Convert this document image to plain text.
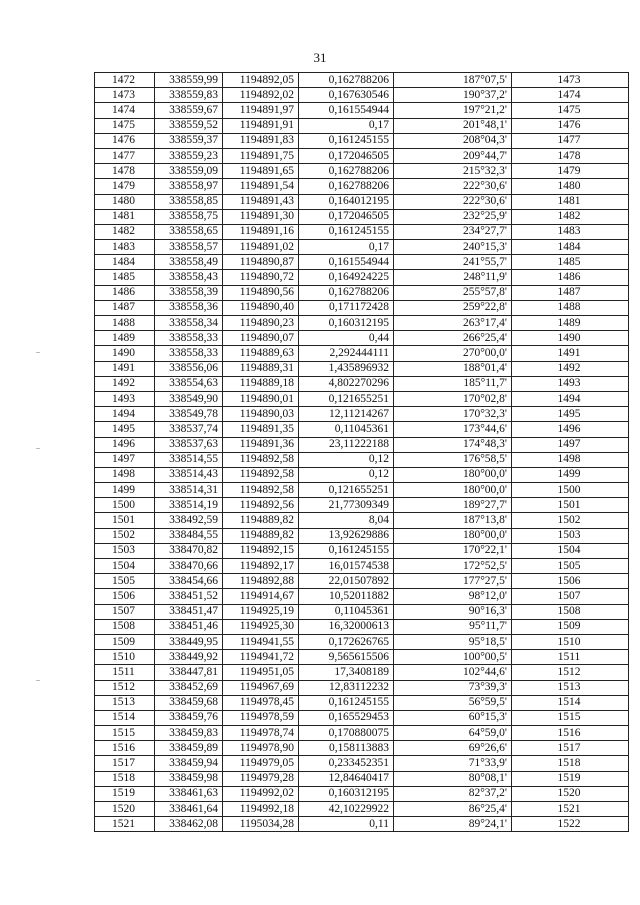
31
1472	338559,99	1194892,05	0,162788206	187°07,5'	1473
1473	338559,83	1194892,02	0,167630546	190°37,2'	1474
1474	338559,67	1194891,97	0,161554944	197°21,2'	1475
1475	338559,52	1194891,91	0,17	201°48,1'	1476
1476	338559,37	1194891,83	0,161245155	208°04,3'	1477
1477	338559,23	1194891,75	0,172046505	209°44,7'	1478
1478	338559,09	1194891,65	0,162788206	215°32,3'	1479
1479	338558,97	1194891,54	0,162788206	222°30,6'	1480
1480	338558,85	1194891,43	0,164012195	222°30,6'	1481
1481	338558,75	1194891,30	0,172046505	232°25,9'	1482
1482	338558,65	1194891,16	0,161245155	234°27,7'	1483
1483	338558,57	1194891,02	0,17	240°15,3'	1484
1484	338558,49	1194890,87	0,161554944	241°55,7'	1485
1485	338558,43	1194890,72	0,164924225	248°11,9'	1486
1486	338558,39	1194890,56	0,162788206	255°57,8'	1487
1487	338558,36	1194890,40	0,171172428	259°22,8'	1488
1488	338558,34	1194890,23	0,160312195	263°17,4'	1489
1489	338558,33	1194890,07	0,44	266°25,4'	1490
1490	338558,33	1194889,63	2,292444111	270°00,0'	1491
1491	338556,06	1194889,31	1,435896932	188°01,4'	1492
1492	338554,63	1194889,18	4,802270296	185°11,7'	1493
1493	338549,90	1194890,01	0,121655251	170°02,8'	1494
1494	338549,78	1194890,03	12,11214267	170°32,3'	1495
1495	338537,74	1194891,35	0,11045361	173°44,6'	1496
1496	338537,63	1194891,36	23,11222188	174°48,3'	1497
1497	338514,55	1194892,58	0,12	176°58,5'	1498
1498	338514,43	1194892,58	0,12	180°00,0'	1499
1499	338514,31	1194892,58	0,121655251	180°00,0'	1500
1500	338514,19	1194892,56	21,77309349	189°27,7'	1501
1501	338492,59	1194889,82	8,04	187°13,8'	1502
1502	338484,55	1194889,82	13,92629886	180°00,0'	1503
1503	338470,82	1194892,15	0,161245155	170°22,1'	1504
1504	338470,66	1194892,17	16,01574538	172°52,5'	1505
1505	338454,66	1194892,88	22,01507892	177°27,5'	1506
1506	338451,52	1194914,67	10,52011882	98°12,0'	1507
1507	338451,47	1194925,19	0,11045361	90°16,3'	1508
1508	338451,46	1194925,30	16,32000613	95°11,7'	1509
1509	338449,95	1194941,55	0,172626765	95°18,5'	1510
1510	338449,92	1194941,72	9,565615506	100°00,5'	1511
1511	338447,81	1194951,05	17,3408189	102°44,6'	1512
1512	338452,69	1194967,69	12,83112232	73°39,3'	1513
1513	338459,68	1194978,45	0,161245155	56°59,5'	1514
1514	338459,76	1194978,59	0,165529453	60°15,3'	1515
1515	338459,83	1194978,74	0,170880075	64°59,0'	1516
1516	338459,89	1194978,90	0,158113883	69°26,6'	1517
1517	338459,94	1194979,05	0,233452351	71°33,9'	1518
1518	338459,98	1194979,28	12,84640417	80°08,1'	1519
1519	338461,63	1194992,02	0,160312195	82°37,2'	1520
1520	338461,64	1194992,18	42,10229922	86°25,4'	1521
1521	338462,08	1195034,28	0,11	89°24,1'	1522
